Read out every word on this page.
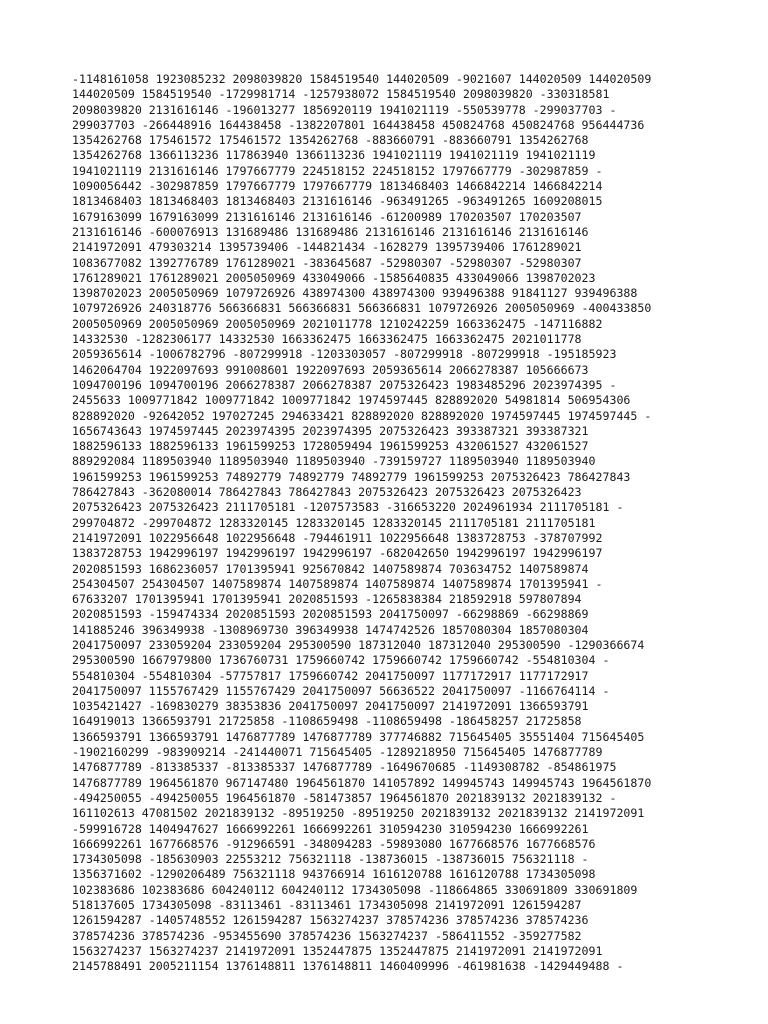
-1148161058 1923085232 2098039820 1584519540 144020509 -9021607 144020509 144020509
144020509 1584519540 -1729981714 -1257938072 1584519540 2098039820 -330318581
2098039820 2131616146 -196013277 1856920119 1941021119 -550539778 -299037703 -
299037703 -266448916 164438458 -1382207801 164438458 450824768 450824768 956444736
1354262768 175461572 175461572 1354262768 -883660791 -883660791 1354262768
1354262768 1366113236 117863940 1366113236 1941021119 1941021119 1941021119
1941021119 2131616146 1797667779 224518152 224518152 1797667779 -302987859 -
1090056442 -302987859 1797667779 1797667779 1813468403 1466842214 1466842214
1813468403 1813468403 1813468403 2131616146 -963491265 -963491265 1609208015
1679163099 1679163099 2131616146 2131616146 -61200989 170203507 170203507
2131616146 -600076913 131689486 131689486 2131616146 2131616146 2131616146
2141972091 479303214 1395739406 -144821434 -1628279 1395739406 1761289021
1083677082 1392776789 1761289021 -383645687 -52980307 -52980307 -52980307
1761289021 1761289021 2005050969 433049066 -1585640835 433049066 1398702023
1398702023 2005050969 1079726926 438974300 438974300 939496388 91841127 939496388
1079726926 240318776 566366831 566366831 566366831 1079726926 2005050969 -400433850
2005050969 2005050969 2005050969 2021011778 1210242259 1663362475 -147116882
14332530 -1282306177 14332530 1663362475 1663362475 1663362475 2021011778
2059365614 -1006782796 -807299918 -1203303057 -807299918 -807299918 -195185923
1462064704 1922097693 991008601 1922097693 2059365614 2066278387 105666673
1094700196 1094700196 2066278387 2066278387 2075326423 1983485296 2023974395 -
2455633 1009771842 1009771842 1009771842 1974597445 828892020 54981814 506954306
828892020 -92642052 197027245 294633421 828892020 828892020 1974597445 1974597445 -
1656743643 1974597445 2023974395 2023974395 2075326423 393387321 393387321
1882596133 1882596133 1961599253 1728059494 1961599253 432061527 432061527
889292084 1189503940 1189503940 1189503940 -739159727 1189503940 1189503940
1961599253 1961599253 74892779 74892779 74892779 1961599253 2075326423 786427843
786427843 -362080014 786427843 786427843 2075326423 2075326423 2075326423
2075326423 2075326423 2111705181 -1207573583 -316653220 2024961934 2111705181 -
299704872 -299704872 1283320145 1283320145 1283320145 2111705181 2111705181
2141972091 1022956648 1022956648 -794461911 1022956648 1383728753 -378707992
1383728753 1942996197 1942996197 1942996197 -682042650 1942996197 1942996197
2020851593 1686236057 1701395941 925670842 1407589874 703634752 1407589874
254304507 254304507 1407589874 1407589874 1407589874 1407589874 1701395941 -
67633207 1701395941 1701395941 2020851593 -1265838384 218592918 597807894
2020851593 -159474334 2020851593 2020851593 2041750097 -66298869 -66298869
141885246 396349938 -1308969730 396349938 1474742526 1857080304 1857080304
2041750097 233059204 233059204 295300590 187312040 187312040 295300590 -1290366674
295300590 1667979800 1736760731 1759660742 1759660742 1759660742 -554810304 -
554810304 -554810304 -57757817 1759660742 2041750097 1177172917 1177172917
2041750097 1155767429 1155767429 2041750097 56636522 2041750097 -1166764114 -
1035421427 -169830279 38353836 2041750097 2041750097 2141972091 1366593791
164919013 1366593791 21725858 -1108659498 -1108659498 -186458257 21725858
1366593791 1366593791 1476877789 1476877789 377746882 715645405 35551404 715645405
-1902160299 -983909214 -241440071 715645405 -1289218950 715645405 1476877789
1476877789 -813385337 -813385337 1476877789 -1649670685 -1149308782 -854861975
1476877789 1964561870 967147480 1964561870 141057892 149945743 149945743 1964561870
-494250055 -494250055 1964561870 -581473857 1964561870 2021839132 2021839132 -
161102613 47081502 2021839132 -89519250 -89519250 2021839132 2021839132 2141972091
-599916728 1404947627 1666992261 1666992261 310594230 310594230 1666992261
1666992261 1677668576 -912966591 -348094283 -59893080 1677668576 1677668576
1734305098 -185630903 22553212 756321118 -138736015 -138736015 756321118 -
1356371602 -1290206489 756321118 943766914 1616120788 1616120788 1734305098
102383686 102383686 604240112 604240112 1734305098 -118664865 330691809 330691809
518137605 1734305098 -83113461 -83113461 1734305098 2141972091 1261594287
1261594287 -1405748552 1261594287 1563274237 378574236 378574236 378574236
378574236 378574236 -953455690 378574236 1563274237 -586411552 -359277582
1563274237 1563274237 2141972091 1352447875 1352447875 2141972091 2141972091
2145788491 2005211154 1376148811 1376148811 1460409996 -461981638 -1429449488 -
